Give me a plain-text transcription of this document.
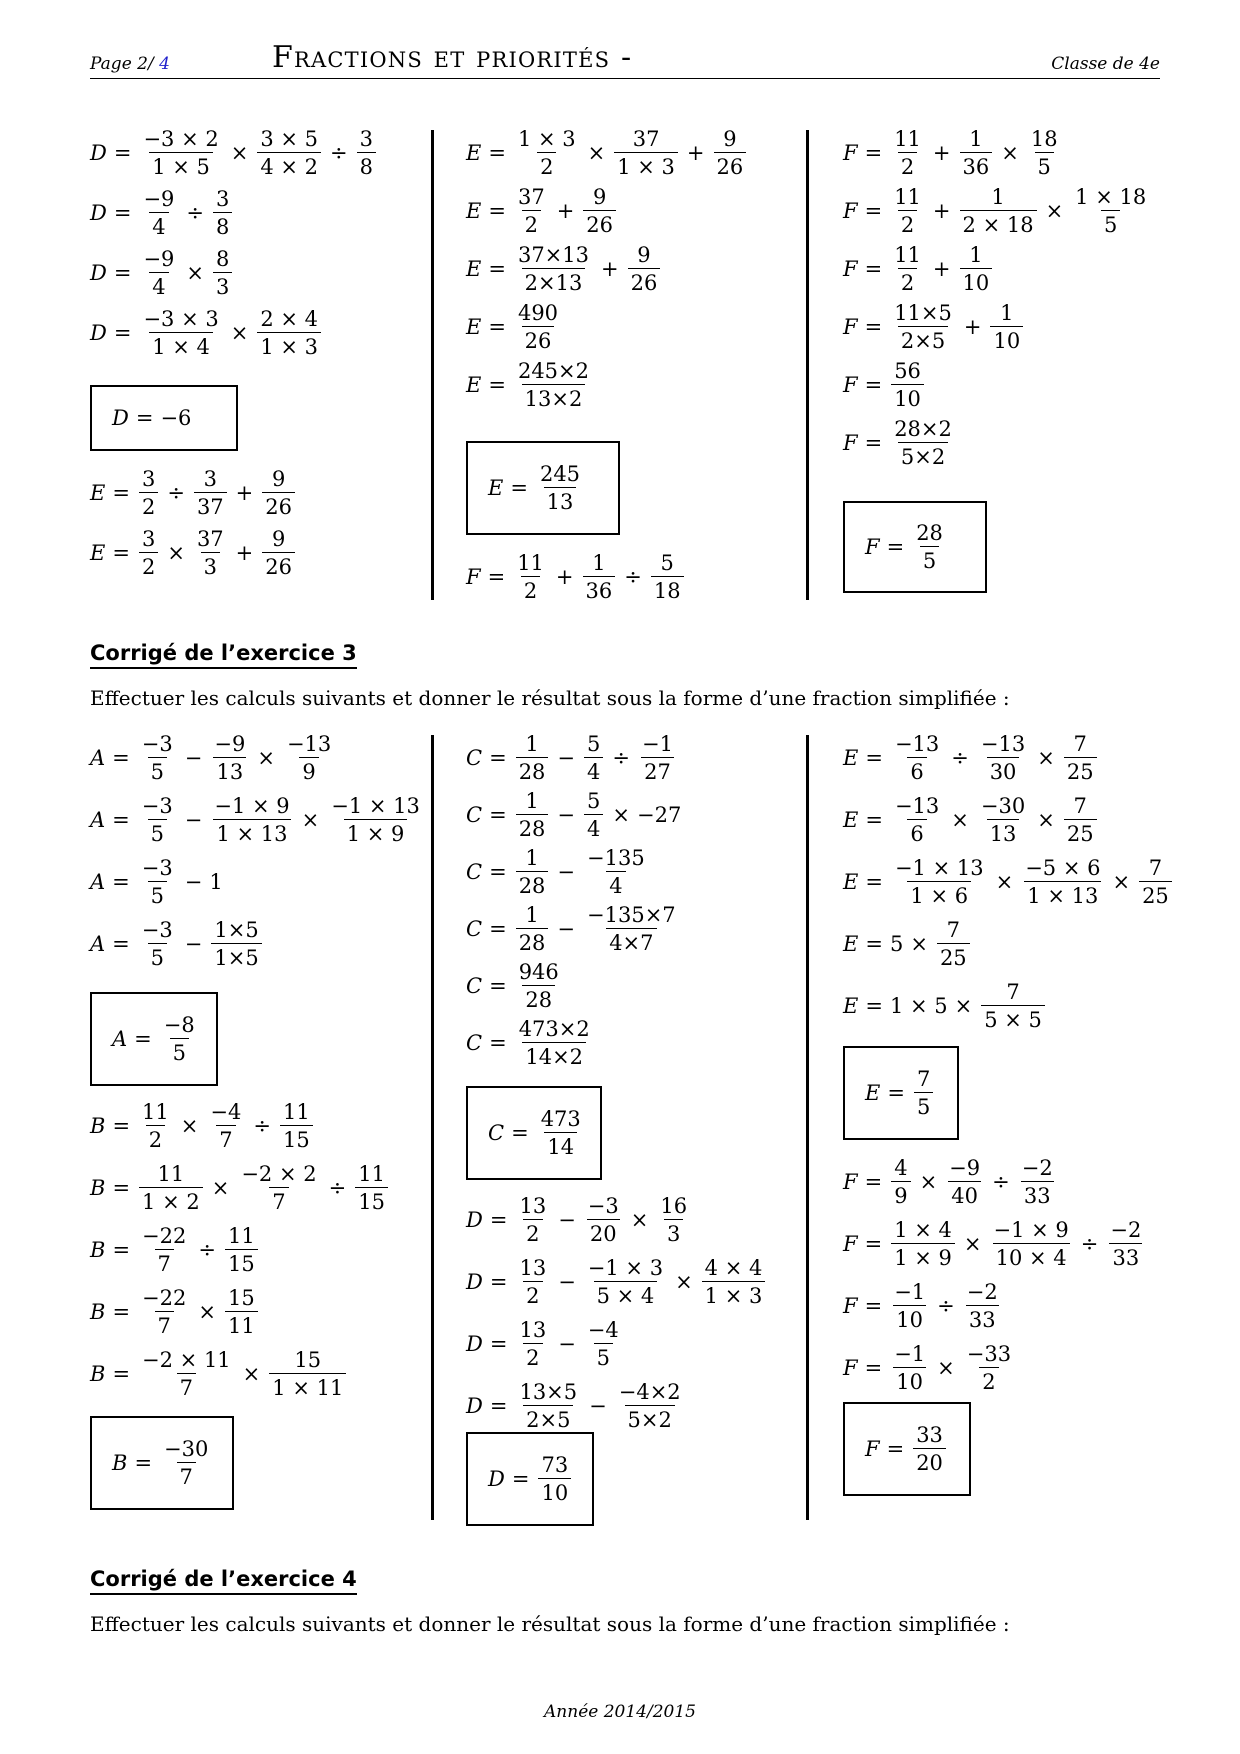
Page 2/ 4	Fractions et priorités -	Classe de 4e
$D = \frac{-3 \times 2}{1 \times 5} \times \frac{3 \times 5}{4 \times 2} \div \frac{3}{8}$
$D = \frac{-9}{4} \div \frac{3}{8}$
$D = \frac{-9}{4} \times \frac{8}{3}$
$D = \frac{-3 \times 3}{1 \times 4} \times \frac{2 \times 4}{1 \times 3}$
D = −6
$E = \frac{3}{2} \div \frac{3}{37} + \frac{9}{26}$
$E = \frac{3}{2} \times \frac{37}{3} + \frac{9}{26}$
$E = \frac{1 \times 3}{2} \times \frac{37}{1 \times 3} + \frac{9}{26}$
$E = \frac{37}{2} + \frac{9}{26}$
$E = \frac{37\times 13}{2\times 13} + \frac{9}{26}$
$E = \frac{490}{26}$
$E = \frac{245\times 2}{13\times 2}$
$E = \frac{245}{13}$
$F = \frac{11}{2} + \frac{1}{36} \div \frac{5}{18}$
$F = \frac{11}{2} + \frac{1}{36} \times \frac{18}{5}$
$F = \frac{11}{2} + \frac{1}{2 \times 18} \times \frac{1 \times 18}{5}$
$F = \frac{11}{2} + \frac{1}{10}$
$F = \frac{11\times 5}{2\times 5} + \frac{1}{10}$
$F = \frac{56}{10}$
$F = \frac{28\times 2}{5\times 2}$
$F = \frac{28}{5}$
Corrigé de l’exercice 3
Effectuer les calculs suivants et donner le résultat sous la forme d’une fraction simplifiée :
$A = \frac{-3}{5} - \frac{-9}{13} \times \frac{-13}{9}$
$A = \frac{-3}{5} - \frac{-1 \times 9}{1 \times 13} \times \frac{-1 \times 13}{1 \times 9}$
$A = \frac{-3}{5} - 1$
$A = \frac{-3}{5} - \frac{1\times 5}{1\times 5}$
$A = \frac{-8}{5}$
$B = \frac{11}{2} \times \frac{-4}{7} \div \frac{11}{15}$
$B = \frac{11}{1 \times 2} \times \frac{-2 \times 2}{7} \div \frac{11}{15}$
$B = \frac{-22}{7} \div \frac{11}{15}$
$B = \frac{-22}{7} \times \frac{15}{11}$
$B = \frac{-2 \times 11}{7} \times \frac{15}{1 \times 11}$
$B = \frac{-30}{7}$
$C = \frac{1}{28} - \frac{5}{4} \div \frac{-1}{27}$
$C = \frac{1}{28} - \frac{5}{4} \times -27$
$C = \frac{1}{28} - \frac{-135}{4}$
$C = \frac{1}{28} - \frac{-135\times 7}{4\times 7}$
$C = \frac{946}{28}$
$C = \frac{473\times 2}{14\times 2}$
$C = \frac{473}{14}$
$D = \frac{13}{2} - \frac{-3}{20} \times \frac{16}{3}$
$D = \frac{13}{2} - \frac{-1 \times 3}{5 \times 4} \times \frac{4 \times 4}{1 \times 3}$
$D = \frac{13}{2} - \frac{-4}{5}$
$D = \frac{13\times 5}{2\times 5} - \frac{-4\times 2}{5\times 2}$
$D = \frac{73}{10}$
$E = \frac{-13}{6} \div \frac{-13}{30} \times \frac{7}{25}$
$E = \frac{-13}{6} \times \frac{-30}{13} \times \frac{7}{25}$
$E = \frac{-1 \times 13}{1 \times 6} \times \frac{-5 \times 6}{1 \times 13} \times \frac{7}{25}$
$E = 5 \times \frac{7}{25}$
$E = 1 \times 5 \times \frac{7}{5 \times 5}$
$E = \frac{7}{5}$
$F = \frac{4}{9} \times \frac{-9}{40} \div \frac{-2}{33}$
$F = \frac{1 \times 4}{1 \times 9} \times \frac{-1 \times 9}{10 \times 4} \div \frac{-2}{33}$
$F = \frac{-1}{10} \div \frac{-2}{33}$
$F = \frac{-1}{10} \times \frac{-33}{2}$
$F = \frac{33}{20}$
Corrigé de l’exercice 4
Effectuer les calculs suivants et donner le résultat sous la forme d’une fraction simplifiée :
Année 2014/2015
